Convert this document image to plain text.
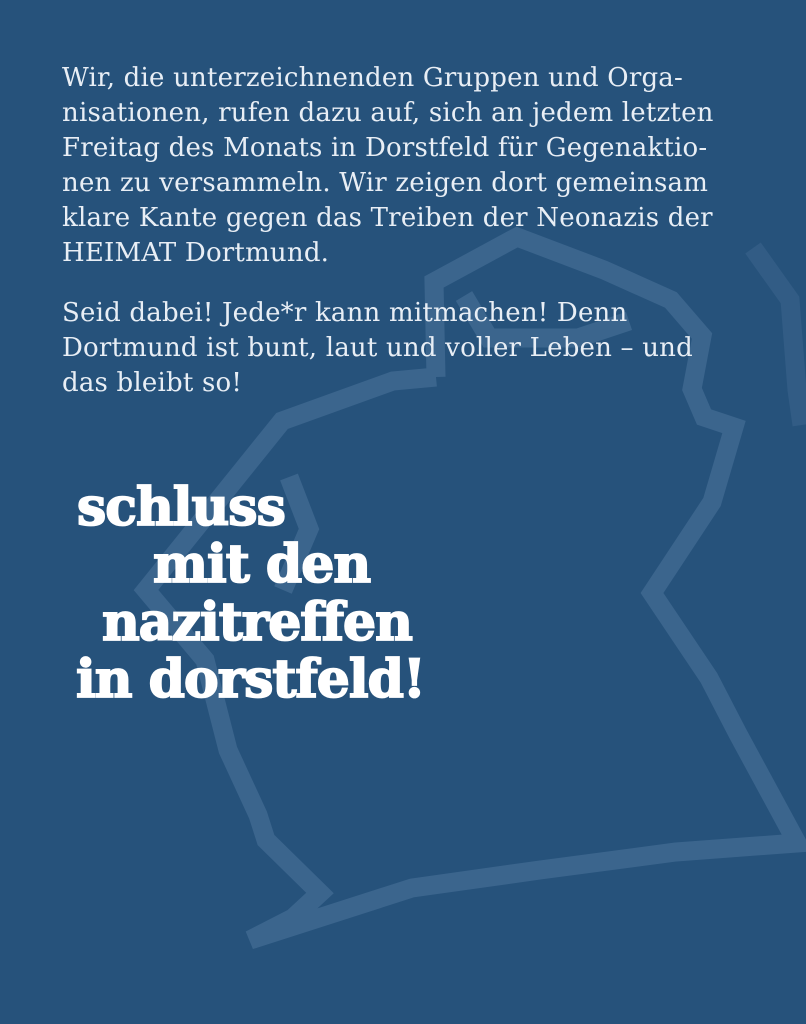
Wir, die unterzeichnenden Gruppen und Orga-
nisationen, rufen dazu auf, sich an jedem letzten
Freitag des Monats in Dorstfeld für Gegenaktio-
nen zu versammeln. Wir zeigen dort gemeinsam
klare Kante gegen das Treiben der Neonazis der
HEIMAT Dortmund.

Seid dabei! Jede*r kann mitmachen! Denn
Dortmund ist bunt, laut und voller Leben – und
das bleibt so!

schluss

mit den

nazitreffen

in dorstfeld!
